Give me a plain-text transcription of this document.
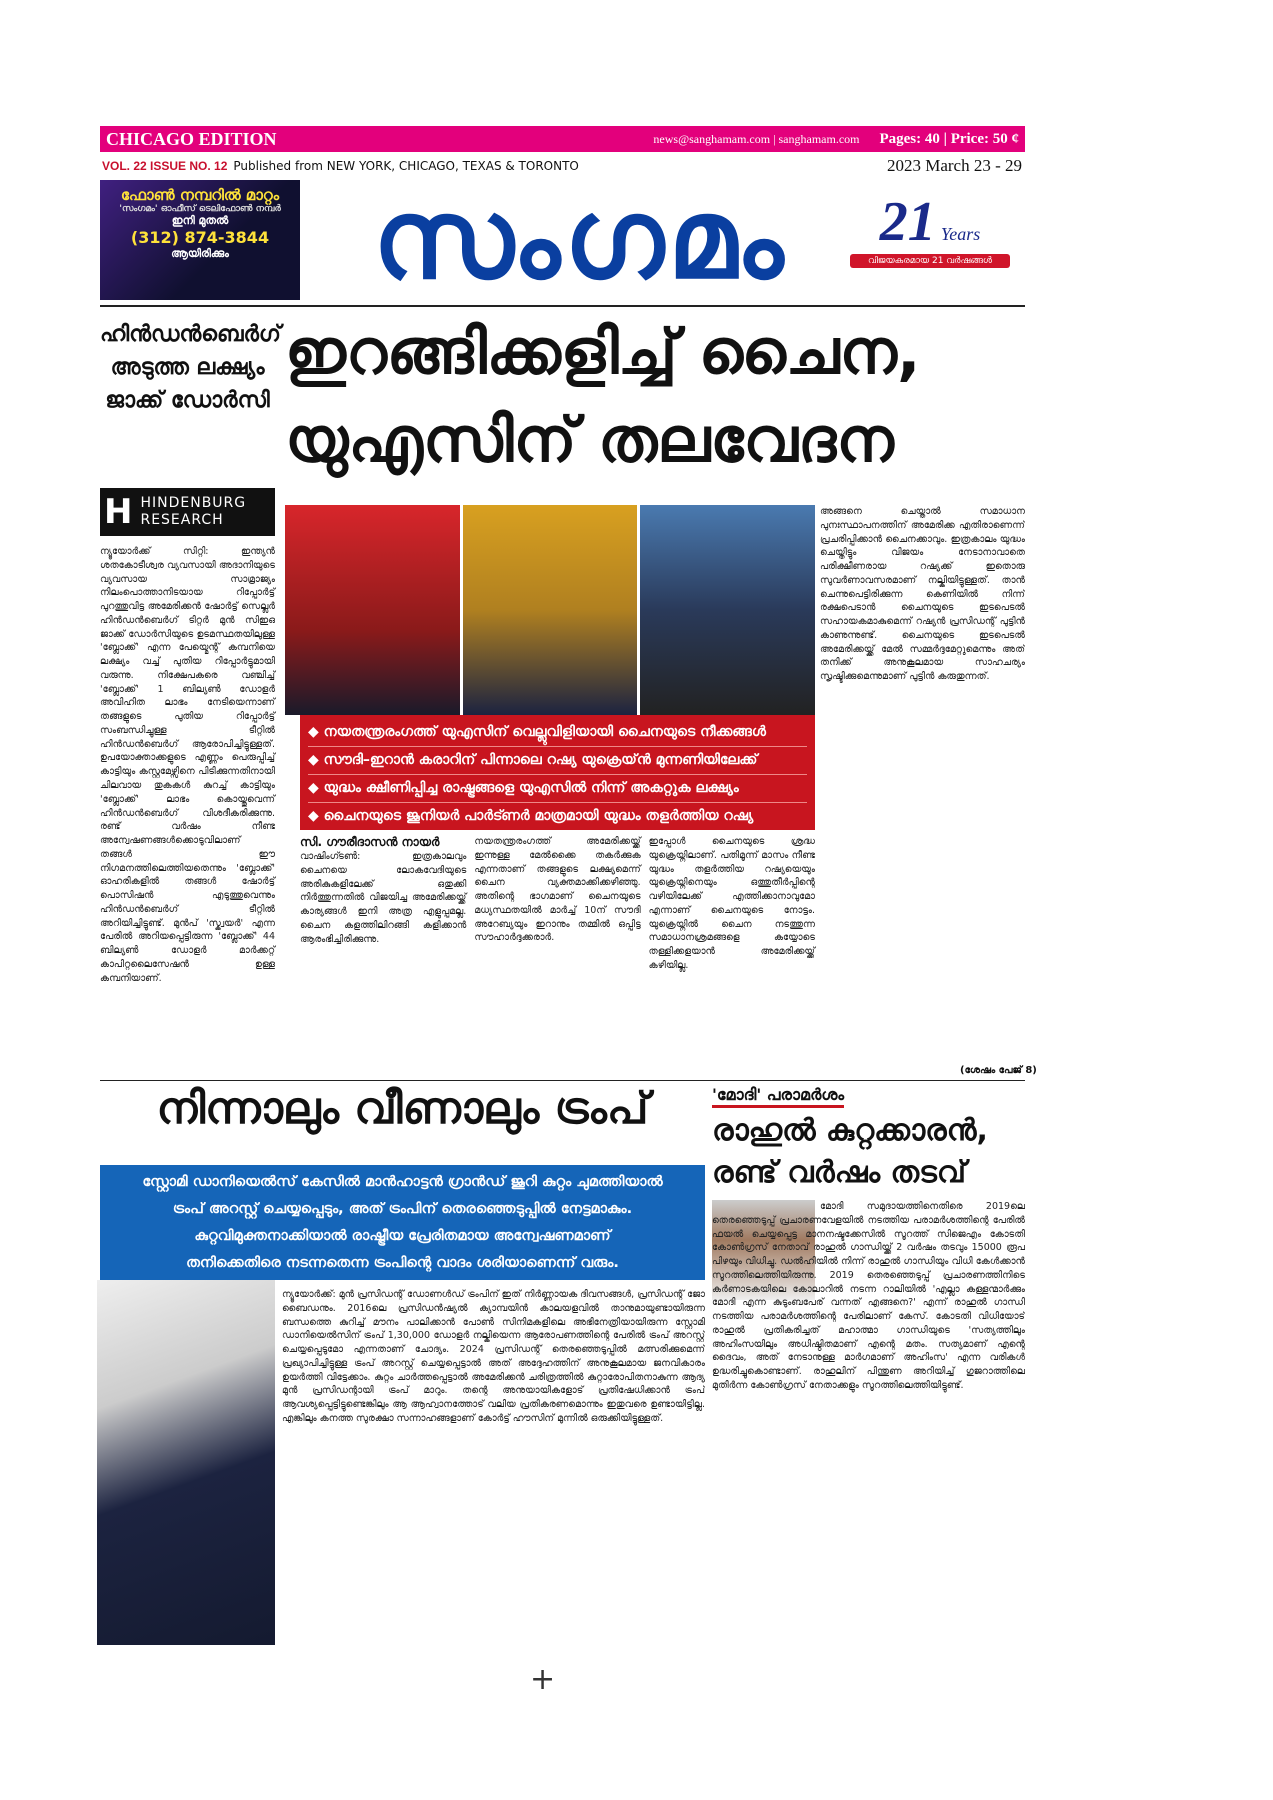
CHICAGO EDITION	news@sanghamam.com | sanghamam.com Pages: 40 | Price: 50 ¢
VOL. 22 ISSUE NO. 12 Published from NEW YORK, CHICAGO, TEXAS & TORONTO	2023 March 23 - 29
ഫോൺ നമ്പറിൽ മാറ്റം
'സംഗമം' ഓഫീസ് ടെലിഫോൺ നമ്പർ
ഇനി മുതൽ
(312) 874-3844
ആയിരിക്കും	സംഗമം	21 Years
വിജയകരമായ 21 വർഷങ്ങൾ
ഹിൻഡൻബെർഗ് അടുത്ത ലക്ഷ്യം ജാക്ക് ഡോർസി
H HINDENBURG RESEARCH
ന്യൂയോർക്ക് സിറ്റി: ഇന്ത്യൻ ശതകോടീശ്വര വ്യവസായി അദാനിയുടെ വ്യവസായ സാമ്രാജ്യം നിലംപൊത്താനിടയായ റിപ്പോർട്ട് പുറത്തുവിട്ട അമേരിക്കൻ ഷോർട്ട് സെല്ലർ ഹിൻഡൻബെർഗ് ടിറ്റർ മുൻ സിഇഒ ജാക്ക് ഡോർസിയുടെ ഉടമസ്ഥതയിലുള്ള 'ബ്ലോക്ക്' എന്ന പേയ്മെന്റ് കമ്പനിയെ ലക്ഷ്യം വച്ച് പുതിയ റിപ്പോർട്ടുമായി വരുന്നു. നിക്ഷേപകരെ വഞ്ചിച്ച് 'ബ്ലോക്ക്' 1 ബില്യൺ ഡോളർ അവിഹിത ലാഭം നേടിയെന്നാണ് തങ്ങളുടെ പുതിയ റിപ്പോർട്ട് സംബന്ധിച്ചുള്ള ടീറ്റിൽ ഹിൻഡൻബെർഗ് ആരോപിച്ചിട്ടുള്ളത്. ഉപയോക്താക്കളുടെ എണ്ണം പെരുപ്പിച്ച് കാട്ടിയും കസ്റ്റമേഴ്സിനെ പിടിക്കുന്നതിനായി ചിലവായ തുകകൾ കുറച്ച് കാട്ടിയും 'ബ്ലോക്ക്' ലാഭം കൊയ്തുവെന്ന് ഹിൻഡൻബെർഗ് വിശദീകരിക്കുന്നു. രണ്ട് വർഷം നീണ്ട അന്വേഷണങ്ങൾക്കൊടുവിലാണ് തങ്ങൾ ഈ നിഗമനത്തിലെത്തിയതെന്നും 'ബ്ലോക്ക്' ഓഹരികളിൽ തങ്ങൾ ഷോർട്ട് പൊസിഷൻ എടുത്തുവെന്നും ഹിൻഡൻബെർഗ് ടീറ്റിൽ അറിയിച്ചിട്ടുണ്ട്. മുൻപ് 'സ്ക്വയർ' എന്ന പേരിൽ അറിയപ്പെട്ടിരുന്ന 'ബ്ലോക്ക്' 44 ബില്യൺ ഡോളർ മാർക്കറ്റ് കാപിറ്റലൈസേഷൻ ഉള്ള കമ്പനിയാണ്.
ഇറങ്ങിക്കളിച്ച് ചൈന, യുഎസിന് തലവേദന
◆ നയതന്ത്രരംഗത്ത് യുഎസിന് വെല്ലുവിളിയായി ചൈനയുടെ നീക്കങ്ങൾ
◆ സൗദി–ഇറാൻ കരാറിന് പിന്നാലെ റഷ്യ യുക്രെയ്ൻ മുന്നണിയിലേക്ക്
◆ യുദ്ധം ക്ഷീണിപ്പിച്ച രാഷ്ട്രങ്ങളെ യുഎസിൽ നിന്ന് അകറ്റുക ലക്ഷ്യം
◆ ചൈനയുടെ ജൂനിയർ പാർട്ണർ മാത്രമായി യുദ്ധം തളർത്തിയ റഷ്യ
അങ്ങനെ ചെയ്താൽ സമാധാന പുനഃസ്ഥാപനത്തിന് അമേരിക്ക എതിരാണെന്ന് പ്രചരിപ്പിക്കാൻ ചൈനക്കാവും. ഇത്രകാലം യുദ്ധം ചെയ്തിട്ടും വിജയം നേടാനാവാതെ പരിക്ഷീണരായ റഷ്യക്ക് ഇതൊരു സുവർണാവസരമാണ് നല്കിയിട്ടുള്ളത്. താൻ ചെന്നുപെട്ടിരിക്കുന്ന കെണിയിൽ നിന്ന് രക്ഷപെടാൻ ചൈനയുടെ ഇടപെടൽ സഹായകമാകുമെന്ന് റഷ്യൻ പ്രസിഡന്റ് പുട്ടിൻ കാണുന്നുണ്ട്. ചൈനയുടെ ഇടപെടൽ അമേരിക്കയ്ക്ക് മേൽ സമ്മർദ്ദമേറ്റുമെന്നും അത് തനിക്ക് അനുകൂലമായ സാഹചര്യം സൃഷ്ടിക്കുമെന്നുമാണ് പുട്ടിൻ കരുതുന്നത്.
(ശേഷം പേജ് 8)
സി. ഗൗരീദാസൻ നായർ
വാഷിംഗ്ടൺ: ഇത്രകാലവും ചൈനയെ ലോകവേദിയുടെ അരികുകളിലേക്ക് ഒതുക്കി നിർത്തുന്നതിൽ വിജയിച്ച അമേരിക്കയ്ക്ക് കാര്യങ്ങൾ ഇനി അത്ര എളുപ്പമല്ല. ചൈന കളത്തിലിറങ്ങി കളിക്കാൻ ആരംഭിച്ചിരിക്കുന്നു.
നയതന്ത്രരംഗത്ത് അമേരിക്കയ്ക്ക് ഇന്നുള്ള മേൽക്കൈ തകർക്കുക എന്നതാണ് തങ്ങളുടെ ലക്ഷ്യമെന്ന് ചൈന വ്യക്തമാക്കിക്കഴിഞ്ഞു. അതിന്റെ ഭാഗമാണ് ചൈനയുടെ മധ്യസ്ഥതയിൽ മാർച്ച് 10ന് സൗദി അറേബ്യയും ഇറാനും തമ്മിൽ ഒപ്പിട്ട സൗഹാർദ്ദക്കരാർ.
ഇപ്പോൾ ചൈനയുടെ ശ്രദ്ധ യുക്രെയ്നിലാണ്. പതിമൂന്ന് മാസം നീണ്ട യുദ്ധം തളർത്തിയ റഷ്യയെയും യുക്രെയ്നിനെയും ഒത്തുതീർപ്പിന്റെ വഴിയിലേക്ക് എത്തിക്കാനാവുമോ എന്നാണ് ചൈനയുടെ നോട്ടം. യുക്രെയ്നിൽ ചൈന നടത്തുന്ന സമാധാനശ്രമങ്ങളെ കയ്യോടെ തള്ളിക്കളയാൻ അമേരിക്കയ്ക്ക് കഴിയില്ല.
നിന്നാലും വീണാലും ട്രംപ്
സ്റ്റോമി ഡാനിയെൽസ് കേസിൽ മാൻഹാട്ടൻ ഗ്രാൻഡ് ജൂറി കുറ്റം ചുമത്തിയാൽ
ട്രംപ് അറസ്റ്റ് ചെയ്യപ്പെടും, അത് ട്രംപിന് തെരഞ്ഞെടുപ്പിൽ നേട്ടമാകും.
കുറ്റവിമുക്തനാക്കിയാൽ രാഷ്ട്രീയ പ്രേരിതമായ അന്വേഷണമാണ്
തനിക്കെതിരെ നടന്നതെന്ന ട്രംപിന്റെ വാദം ശരിയാണെന്ന് വരും.
ന്യൂയോർക്ക്: മുൻ പ്രസിഡന്റ് ഡോണൾഡ് ട്രംപിന് ഇത് നിർണ്ണായക ദിവസങ്ങൾ, പ്രസിഡന്റ് ജോ ബൈഡനും. 2016ലെ പ്രസിഡൻഷ്യൽ ക്യാമ്പയിൻ കാലയളവിൽ താനുമായുണ്ടായിരുന്ന ബന്ധത്തെ കുറിച്ച് മൗനം പാലിക്കാൻ പോൺ സിനിമകളിലെ അഭിനേത്രിയായിരുന്ന സ്റ്റോമി ഡാനിയെൽസിന് ട്രംപ് 1,30,000 ഡോളർ നല്കിയെന്ന ആരോപണത്തിന്റെ പേരിൽ ട്രംപ് അറസ്റ്റ് ചെയ്യപ്പെടുമോ എന്നതാണ് ചോദ്യം. 2024 പ്രസിഡന്റ് തെരഞ്ഞെടുപ്പിൽ മത്സരിക്കുമെന്ന് പ്രഖ്യാപിച്ചിട്ടുള്ള ട്രംപ് അറസ്റ്റ് ചെയ്യപ്പെട്ടാൽ അത് അദ്ദേഹത്തിന് അനുകൂലമായ ജനവികാരം ഉയർത്തി വിട്ടേക്കാം. കുറ്റം ചാർത്തപ്പെട്ടാൽ അമേരിക്കൻ ചരിത്രത്തിൽ കുറ്റാരോപിതനാകുന്ന ആദ്യ മുൻ പ്രസിഡന്റായി ട്രംപ് മാറും. തന്റെ അനുയായികളോട് പ്രതിഷേധിക്കാൻ ട്രംപ് ആവശ്യപ്പെട്ടിട്ടുണ്ടെങ്കിലും ആ ആഹ്വാനത്തോട് വലിയ പ്രതികരണമൊന്നും ഇതുവരെ ഉണ്ടായിട്ടില്ല. എങ്കിലും കനത്ത സുരക്ഷാ സന്നാഹങ്ങളാണ് കോർട്ട് ഹൗസിന് മുന്നിൽ ഒരുക്കിയിട്ടുള്ളത്.
'മോദി' പരാമർശം
രാഹുൽ കുറ്റക്കാരൻ, രണ്ട് വർഷം തടവ്
മോദി സമുദായത്തിനെതിരെ 2019ലെ തെരഞ്ഞെടുപ്പ് പ്രചാരണവേളയിൽ നടത്തിയ പരാമർശത്തിന്റെ പേരിൽ ഫയൽ ചെയ്യപ്പെട്ട മാനനഷ്ടക്കേസിൽ സൂറത്ത് സിജെഎം കോടതി കോൺഗ്രസ് നേതാവ് രാഹുൽ ഗാന്ധിയ്ക്ക് 2 വർഷം തടവും 15000 രൂപ പിഴയും വിധിച്ചു. ഡൽഹിയിൽ നിന്ന് രാഹുൽ ഗാന്ധിയും വിധി കേൾക്കാൻ സൂറത്തിലെത്തിയിരുന്നു. 2019 തെരഞ്ഞെടുപ്പ് പ്രചാരണത്തിനിടെ കർണാടകയിലെ കോലാറിൽ നടന്ന റാലിയിൽ 'എല്ലാ കള്ളന്മാർക്കും മോദി എന്ന കുടുംബപേര് വന്നത് എങ്ങനെ?' എന്ന് രാഹുൽ ഗാന്ധി നടത്തിയ പരാമർശത്തിന്റെ പേരിലാണ് കേസ്. കോടതി വിധിയോട് രാഹുൽ പ്രതികരിച്ചത് മഹാത്മാ ഗാന്ധിയുടെ 'സത്യത്തിലും അഹിംസയിലും അധിഷ്ഠിതമാണ് എന്റെ മതം. സത്യമാണ് എന്റെ ദൈവം, അത് നേടാനുള്ള മാർഗമാണ് അഹിംസ' എന്ന വരികൾ ഉദ്ധരിച്ചുകൊണ്ടാണ്. രാഹുലിന് പിന്തുണ അറിയിച്ച് ഗുജറാത്തിലെ മുതിർന്ന കോൺഗ്രസ് നേതാക്കളും സൂറത്തിലെത്തിയിട്ടുണ്ട്.
+
